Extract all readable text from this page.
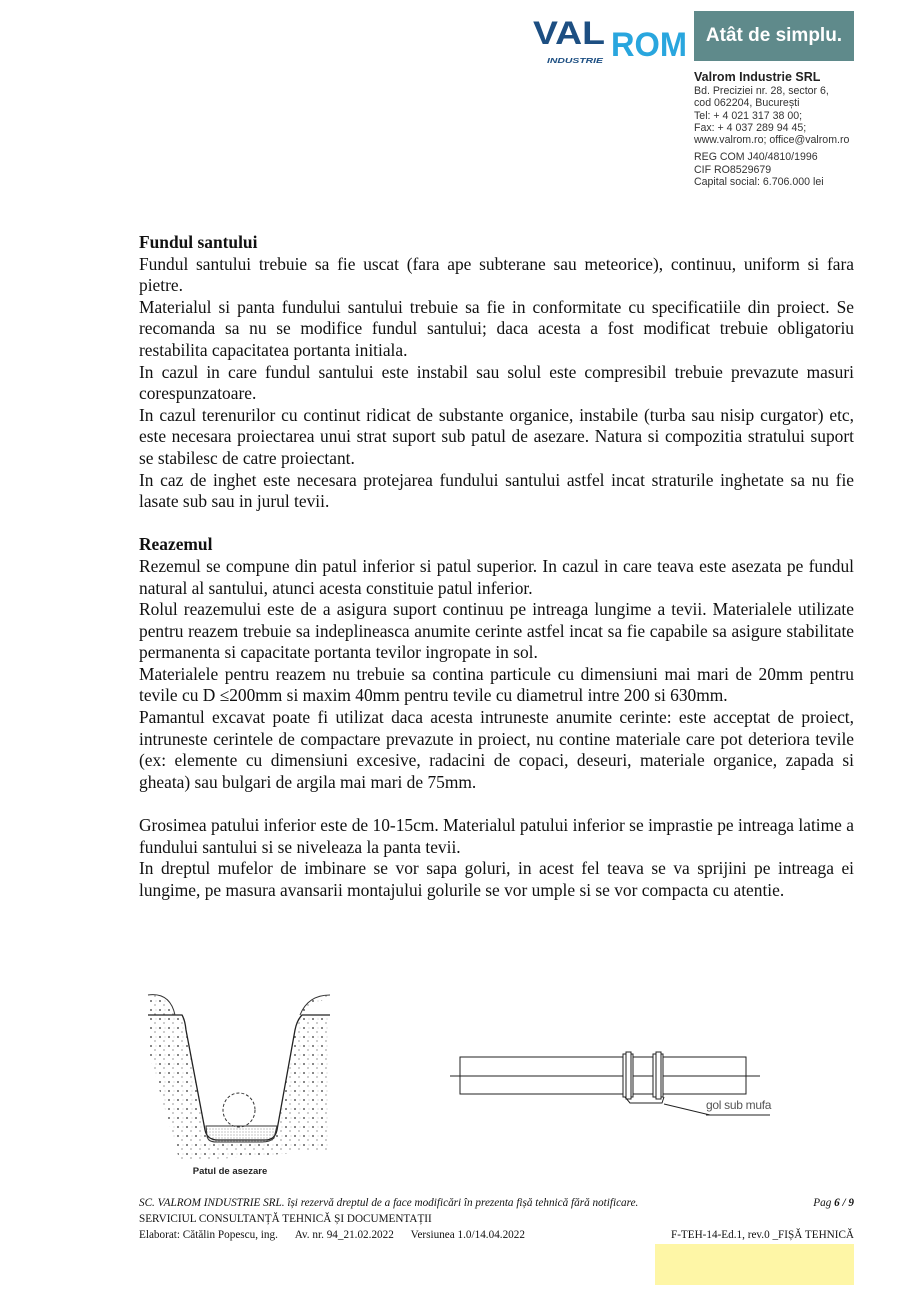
VAL ROM
INDUSTRIE
Atât de simplu.
Valrom Industrie SRL
Bd. Preciziei nr. 28, sector 6,
cod 062204, București
Tel: + 4 021 317 38 00;
Fax: + 4 037 289 94 45;
www.valrom.ro; office@valrom.ro
REG COM J40/4810/1996
CIF RO8529679
Capital social: 6.706.000 lei
Fundul santului

Fundul santului trebuie sa fie uscat (fara ape subterane sau meteorice), continuu, uniform si fara pietre.

Materialul si panta fundului santului trebuie sa fie in conformitate cu specificatiile din proiect. Se recomanda sa nu se modifice fundul santului; daca acesta a fost modificat trebuie obligatoriu restabilita capacitatea portanta initiala.

In cazul in care fundul santului este instabil sau solul este compresibil trebuie prevazute masuri corespunzatoare.

In cazul terenurilor cu continut ridicat de substante organice, instabile (turba sau nisip curgator) etc, este necesara proiectarea unui strat suport sub patul de asezare. Natura si compozitia stratului suport se stabilesc de catre proiectant.

In caz de inghet este necesara protejarea fundului santului astfel incat straturile inghetate sa nu fie lasate sub sau in jurul tevii.

Reazemul

Rezemul se compune din patul inferior si patul superior. In cazul in care teava este asezata pe fundul natural al santului, atunci acesta constituie patul inferior.

Rolul reazemului este de a asigura suport continuu pe intreaga lungime a tevii. Materialele utilizate pentru reazem trebuie sa indeplineasca anumite cerinte astfel incat sa fie capabile sa asigure stabilitate permanenta si capacitate portanta tevilor ingropate in sol.

Materialele pentru reazem nu trebuie sa contina particule cu dimensiuni mai mari de 20mm pentru tevile cu D ≤200mm si maxim 40mm pentru tevile cu diametrul intre 200 si 630mm.

Pamantul excavat poate fi utilizat daca acesta intruneste anumite cerinte: este acceptat de proiect, intruneste cerintele de compactare prevazute in proiect, nu contine materiale care pot deteriora tevile (ex: elemente cu dimensiuni excesive, radacini de copaci, deseuri, materiale organice, zapada si gheata) sau bulgari de argila mai mari de 75mm.

Grosimea patului inferior este de 10-15cm. Materialul patului inferior se imprastie pe intreaga latime a fundului santului si se niveleaza la panta tevii.

In dreptul mufelor de imbinare se vor sapa goluri, in acest fel teava se va sprijini pe intreaga ei lungime, pe masura avansarii montajului golurile se vor umple si se vor compacta cu atentie.

Patul de asezare
gol sub mufa
SC. VALROM INDUSTRIE SRL. își rezervă dreptul de a face modificări în prezenta fișă tehnică fără notificare.	Pag 6 / 9
SERVICIUL CONSULTANȚĂ TEHNICĂ ȘI DOCUMENTAȚII
Elaborat: Cătălin Popescu, ing. Av. nr. 94_21.02.2022 Versiunea 1.0/14.04.2022	F-TEH-14-Ed.1, rev.0 _FIȘĂ TEHNICĂ
